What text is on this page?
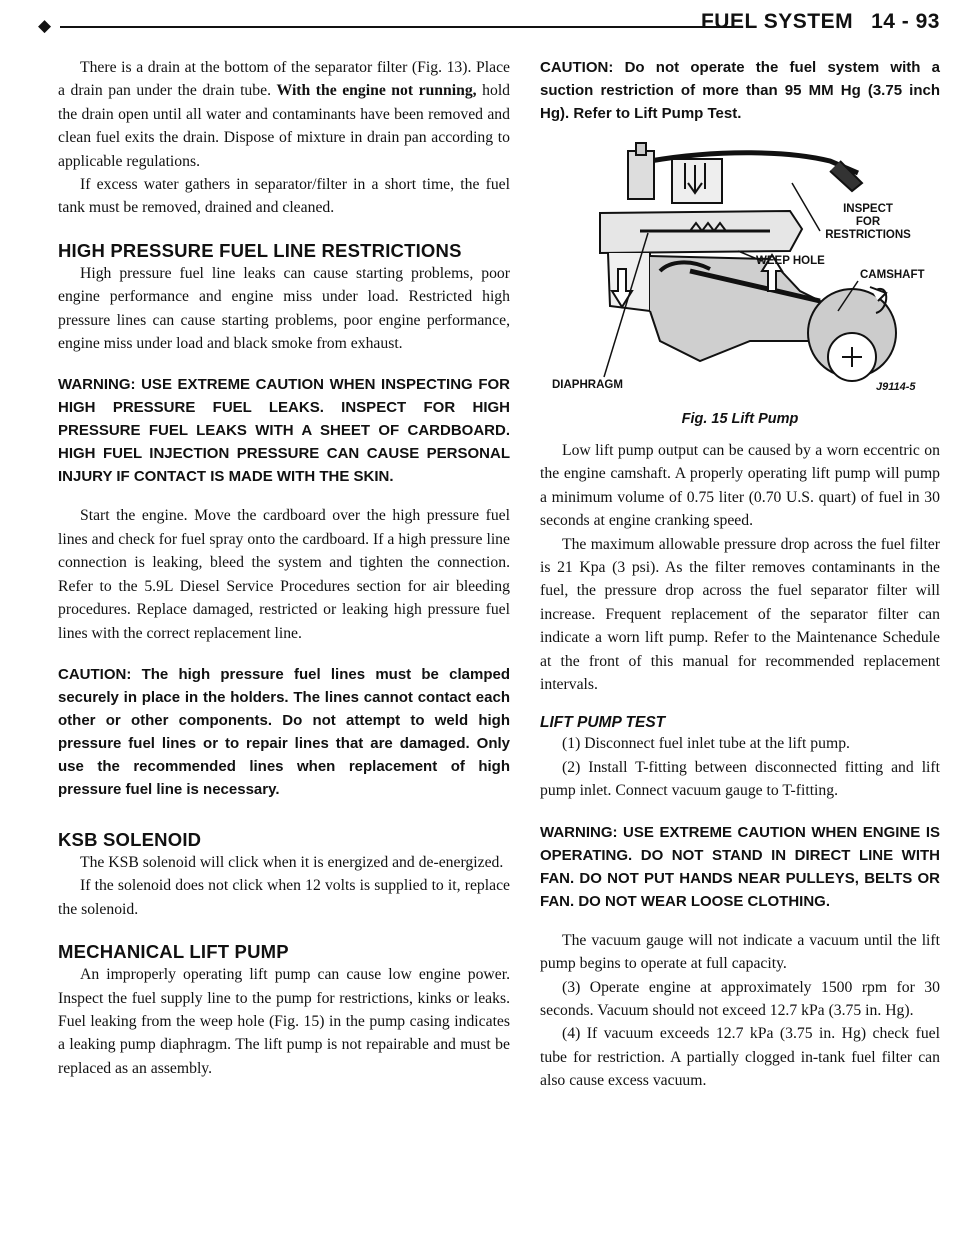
◆	FUEL SYSTEM 14 - 93

There is a drain at the bottom of the separator filter (Fig. 13). Place a drain pan under the drain tube. With the engine not running, hold the drain open until all water and contaminants have been removed and clean fuel exits the drain. Dispose of mixture in drain pan according to applicable regulations.

If excess water gathers in separator/filter in a short time, the fuel tank must be removed, drained and cleaned.

HIGH PRESSURE FUEL LINE RESTRICTIONS

High pressure fuel line leaks can cause starting problems, poor engine performance and engine miss under load. Restricted high pressure lines can cause starting problems, poor engine performance, engine miss under load and black smoke from exhaust.

WARNING: USE EXTREME CAUTION WHEN INSPECTING FOR HIGH PRESSURE FUEL LEAKS. INSPECT FOR HIGH PRESSURE FUEL LEAKS WITH A SHEET OF CARDBOARD. HIGH FUEL INJECTION PRESSURE CAN CAUSE PERSONAL INJURY IF CONTACT IS MADE WITH THE SKIN.

Start the engine. Move the cardboard over the high pressure fuel lines and check for fuel spray onto the cardboard. If a high pressure line connection is leaking, bleed the system and tighten the connection. Refer to the 5.9L Diesel Service Procedures section for air bleeding procedures. Replace damaged, restricted or leaking high pressure fuel lines with the correct replacement line.

CAUTION: The high pressure fuel lines must be clamped securely in place in the holders. The lines cannot contact each other or other components. Do not attempt to weld high pressure fuel lines or to repair lines that are damaged. Only use the recommended lines when replacement of high pressure fuel line is necessary.
KSB SOLENOID

The KSB solenoid will click when it is energized and de-energized.

If the solenoid does not click when 12 volts is supplied to it, replace the solenoid.

MECHANICAL LIFT PUMP

An improperly operating lift pump can cause low engine power. Inspect the fuel supply line to the pump for restrictions, kinks or leaks. Fuel leaking from the weep hole (Fig. 15) in the pump casing indicates a leaking pump diaphragm. The lift pump is not repairable and must be replaced as an assembly.

CAUTION: Do not operate the fuel system with a suction restriction of more than 95 MM Hg (3.75 inch Hg). Refer to Lift Pump Test.
INSPECT
FOR
RESTRICTIONS
WEEP HOLE
CAMSHAFT
DIAPHRAGM	J9114-5
Fig. 15 Lift Pump

Low lift pump output can be caused by a worn eccentric on the engine camshaft. A properly operating lift pump will pump a minimum volume of 0.75 liter (0.70 U.S. quart) of fuel in 30 seconds at engine cranking speed.

The maximum allowable pressure drop across the fuel filter is 21 Kpa (3 psi). As the filter removes contaminants in the fuel, the pressure drop across the fuel separator filter will increase. Frequent replacement of the separator filter can indicate a worn lift pump. Refer to the Maintenance Schedule at the front of this manual for recommended replacement intervals.

LIFT PUMP TEST

(1) Disconnect fuel inlet tube at the lift pump.

(2) Install T-fitting between disconnected fitting and lift pump inlet. Connect vacuum gauge to T-fitting.

WARNING: USE EXTREME CAUTION WHEN ENGINE IS OPERATING. DO NOT STAND IN DIRECT LINE WITH FAN. DO NOT PUT HANDS NEAR PULLEYS, BELTS OR FAN. DO NOT WEAR LOOSE CLOTHING.

The vacuum gauge will not indicate a vacuum until the lift pump begins to operate at full capacity.

(3) Operate engine at approximately 1500 rpm for 30 seconds. Vacuum should not exceed 12.7 kPa (3.75 in. Hg).

(4) If vacuum exceeds 12.7 kPa (3.75 in. Hg) check fuel tube for restriction. A partially clogged in-tank fuel filter can also cause excess vacuum.
